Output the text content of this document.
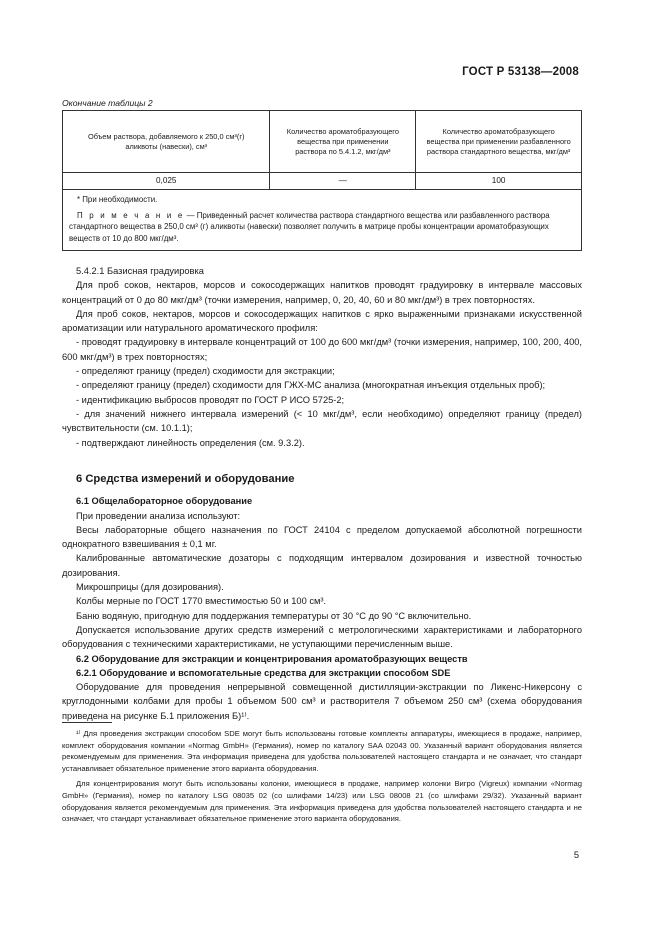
ГОСТ Р 53138—2008
Окончание таблицы 2
Объем раствора, добавляемого к 250,0 см³(г) аликвоты (навески), см³	Количество ароматобразующего вещества при применении раствора по 5.4.1.2, мкг/дм³	Количество ароматобразующего вещества при применении разбавленного раствора стандартного вещества, мкг/дм³
0,025	—	100

* При необходимости.

П р и м е ч а н и е — Приведенный расчет количества раствора стандартного вещества или разбавленного раствора стандартного вещества в 250,0 см³ (г) аликвоты (навески) позволяет получить в матрице пробы концентрации ароматобразующих веществ от 10 до 800 мкг/дм³.		

5.4.2.1 Базисная градуировка

Для проб соков, нектаров, морсов и сокосодержащих напитков проводят градуировку в интервале массовых концентраций от 0 до 80 мкг/дм³ (точки измерения, например, 0, 20, 40, 60 и 80 мкг/дм³) в трех повторностях.

Для проб соков, нектаров, морсов и сокосодержащих напитков с ярко выраженными признаками искусственной ароматизации или натурального ароматического профиля:

- проводят градуировку в интервале концентраций от 100 до 600 мкг/дм³ (точки измерения, например, 100, 200, 400, 600 мкг/дм³) в трех повторностях;

- определяют границу (предел) сходимости для экстракции;

- определяют границу (предел) сходимости для ГЖХ-МС анализа (многократная инъекция отдельных проб);

- идентификацию выбросов проводят по ГОСТ Р ИСО 5725-2;

- для значений нижнего интервала измерений (< 10 мкг/дм³, если необходимо) определяют границу (предел) чувствительности (см. 10.1.1);

- подтверждают линейность определения (см. 9.3.2).

6 Средства измерений и оборудование

6.1 Общелабораторное оборудование

При проведении анализа используют:

Весы лабораторные общего назначения по ГОСТ 24104 с пределом допускаемой абсолютной погрешности однократного взвешивания ± 0,1 мг.

Калиброванные автоматические дозаторы с подходящим интервалом дозирования и известной точностью дозирования.

Микрошприцы (для дозирования).

Колбы мерные по ГОСТ 1770 вместимостью 50 и 100 см³.

Баню водяную, пригодную для поддержания температуры от 30 °C до 90 °C включительно.

Допускается использование других средств измерений с метрологическими характеристиками и лабораторного оборудования с техническими характеристиками, не уступающими перечисленным выше.

6.2 Оборудование для экстракции и концентрирования ароматобразующих веществ

6.2.1 Оборудование и вспомогательные средства для экстракции способом SDE

Оборудование для проведения непрерывной совмещенной дистилляции-экстракции по Ликенс-Никерсону с круглодонными колбами для пробы 1 объемом 500 см³ и растворителя 7 объемом 250 см³ (схема оборудования приведена на рисунке Б.1 приложения Б)¹⁾.

¹⁾ Для проведения экстракции способом SDE могут быть использованы готовые комплекты аппаратуры, имеющиеся в продаже, например, комплект оборудования компании «Normag GmbH» (Германия), номер по каталогу SAA 02043 00. Указанный вариант оборудования является рекомендуемым для применения. Эта информация приведена для удобства пользователей настоящего стандарта и не означает, что стандарт устанавливает обязательное применение этого варианта оборудования.

Для концентрирования могут быть использованы колонки, имеющиеся в продаже, например колонки Вигро (Vigreux) компании «Normag GmbH» (Германия), номер по каталогу LSG 08035 02 (со шлифами 14/23) или LSG 08008 21 (со шлифами 29/32). Указанный вариант оборудования является рекомендуемым для применения. Эта информация приведена для удобства пользователей настоящего стандарта и не означает, что стандарт устанавливает обязательное применение этого варианта оборудования.

5
